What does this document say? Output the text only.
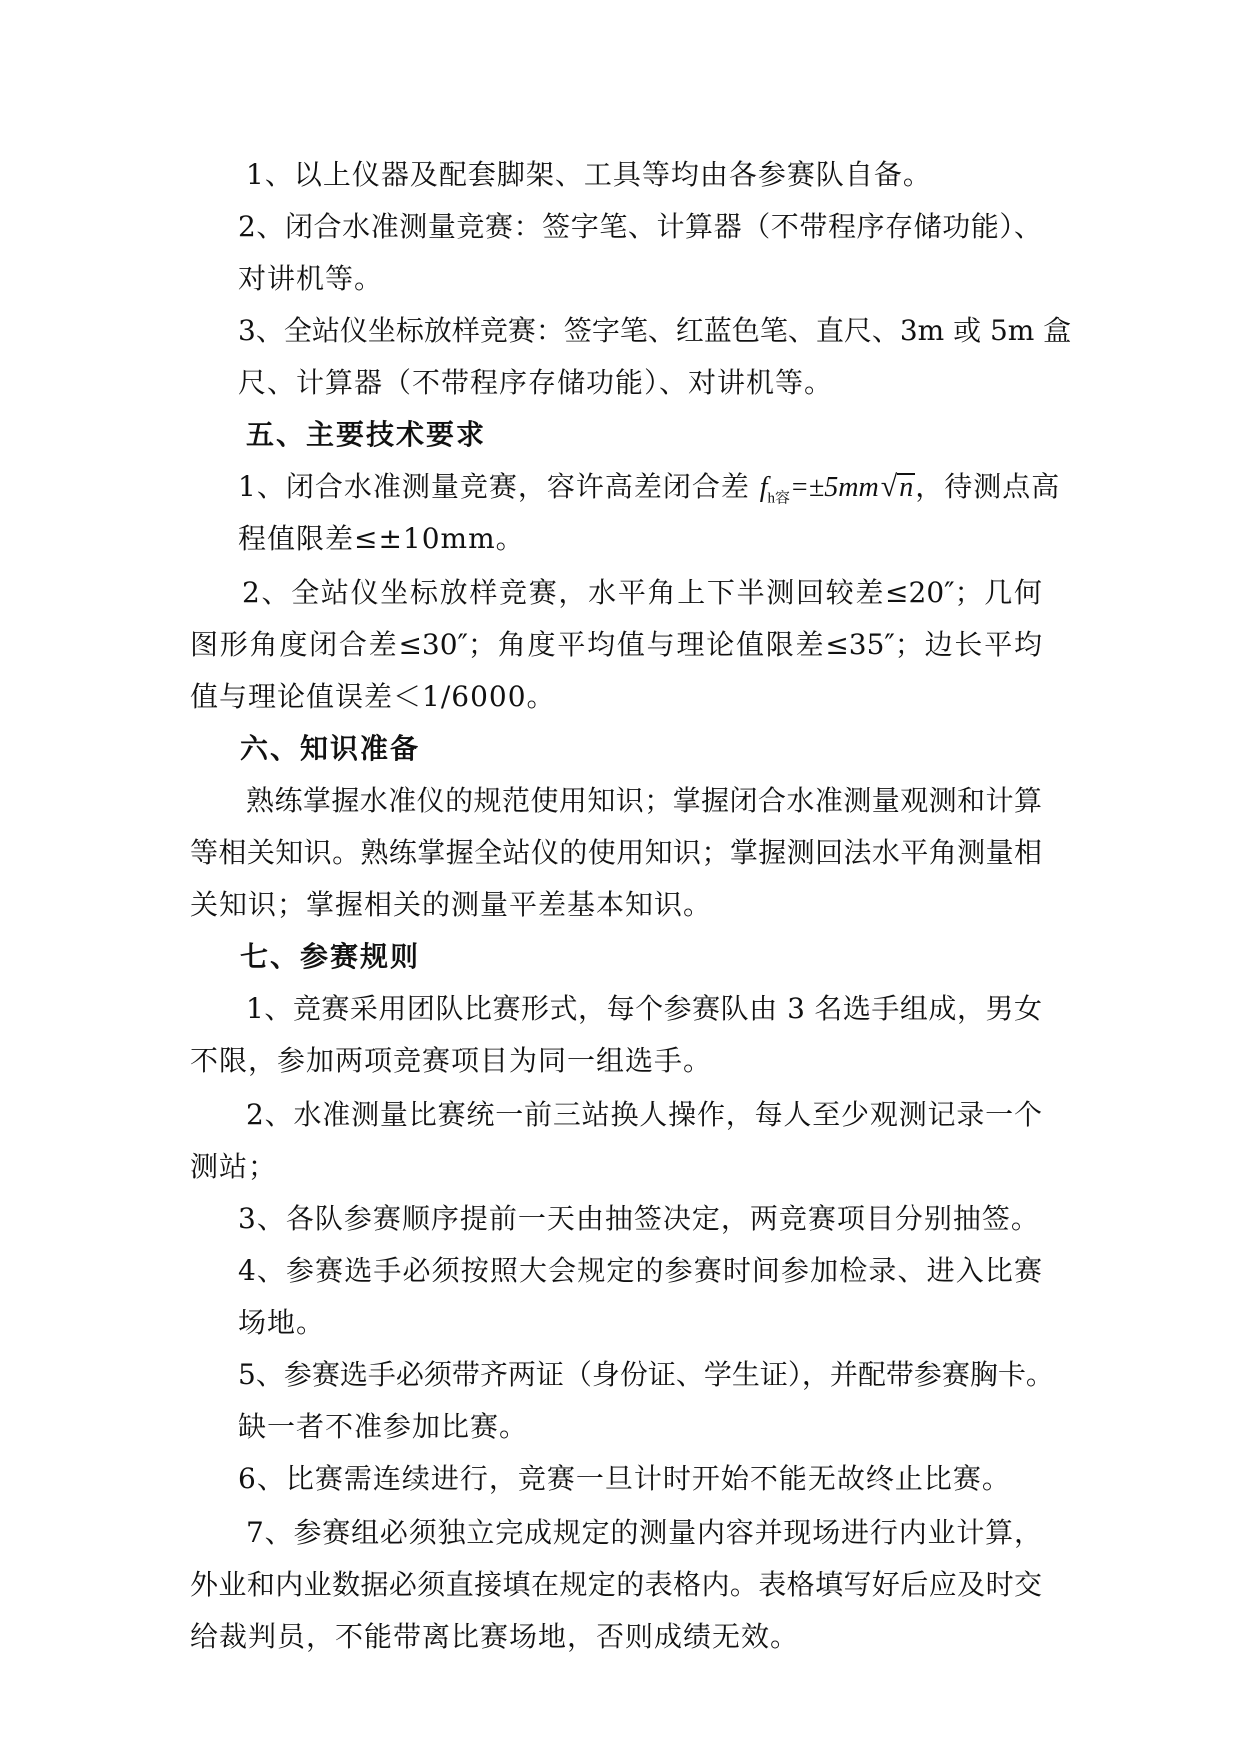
1、以上仪器及配套脚架、工具等均由各参赛队自备。
2、闭合水准测量竞赛：签字笔、计算器（不带程序存储功能）、
对讲机等。
3、全站仪坐标放样竞赛：签字笔、红蓝色笔、直尺、3m 或 5m 盒
尺、计算器（不带程序存储功能）、对讲机等。
五、主要技术要求
1、闭合水准测量竞赛，容许高差闭合差 $f_{h容}=\pm 5mm√n$，待测点高
程值限差≤±10mm。
2、全站仪坐标放样竞赛，水平角上下半测回较差≤20″；几何
图形角度闭合差≤30″；角度平均值与理论值限差≤35″；边长平均
值与理论值误差＜1/6000。
六、知识准备
熟练掌握水准仪的规范使用知识；掌握闭合水准测量观测和计算
等相关知识。熟练掌握全站仪的使用知识；掌握测回法水平角测量相
关知识；掌握相关的测量平差基本知识。
七、参赛规则
1、竞赛采用团队比赛形式，每个参赛队由 3 名选手组成，男女
不限，参加两项竞赛项目为同一组选手。
2、水准测量比赛统一前三站换人操作，每人至少观测记录一个
测站；
3、各队参赛顺序提前一天由抽签决定，两竞赛项目分别抽签。
4、参赛选手必须按照大会规定的参赛时间参加检录、进入比赛
场地。
5、参赛选手必须带齐两证（身份证、学生证），并配带参赛胸卡。
缺一者不准参加比赛。
6、比赛需连续进行，竞赛一旦计时开始不能无故终止比赛。
7、参赛组必须独立完成规定的测量内容并现场进行内业计算，
外业和内业数据必须直接填在规定的表格内。表格填写好后应及时交
给裁判员，不能带离比赛场地，否则成绩无效。
